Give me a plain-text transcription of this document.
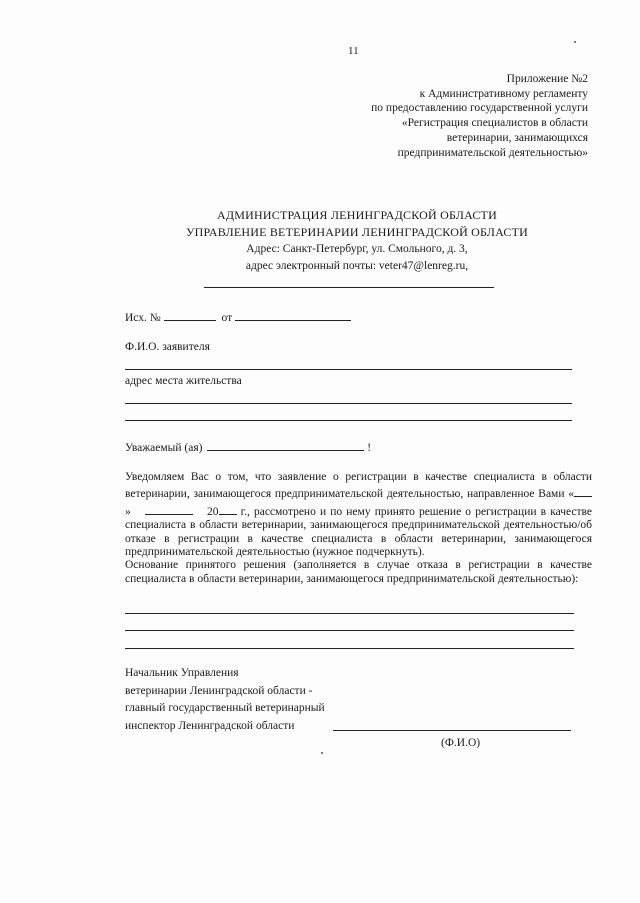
11
Приложение №2
к Административному регламенту
по предоставлению государственной услуги
«Регистрация специалистов в области
ветеринарии, занимающихся
предпринимательской деятельностью»
АДМИНИСТРАЦИЯ ЛЕНИНГРАДСКОЙ ОБЛАСТИ
УПРАВЛЕНИЕ ВЕТЕРИНАРИИ ЛЕНИНГРАДСКОЙ ОБЛАСТИ
Адрес: Санкт-Петербург, ул. Смольного, д. 3,
адрес электронный почты: veter47@lenreg.ru,
Исх. №	от
Ф.И.О. заявителя
адрес места жительства
Уважаемый (ая)	!

Уведомляем Вас о том, что заявление о регистрации в качестве специалиста в области ветеринарии, занимающегося предпринимательской деятельностью, направленное Вами «»	20 г., рассмотрено и по нему принято решение о регистрации в качестве специалиста в области ветеринарии, занимающегося предпринимательской деятельностью/об отказе в регистрации в качестве специалиста в области ветеринарии, занимающегося предпринимательской деятельностью (нужное подчеркнуть).

Основание принятого решения (заполняется в случае отказа в регистрации в качестве специалиста в области ветеринарии, занимающегося предпринимательской деятельностью):

Начальник Управления
ветеринарии Ленинградской области -
главный государственный ветеринарный
инспектор Ленинградской области
(Ф.И.О)
